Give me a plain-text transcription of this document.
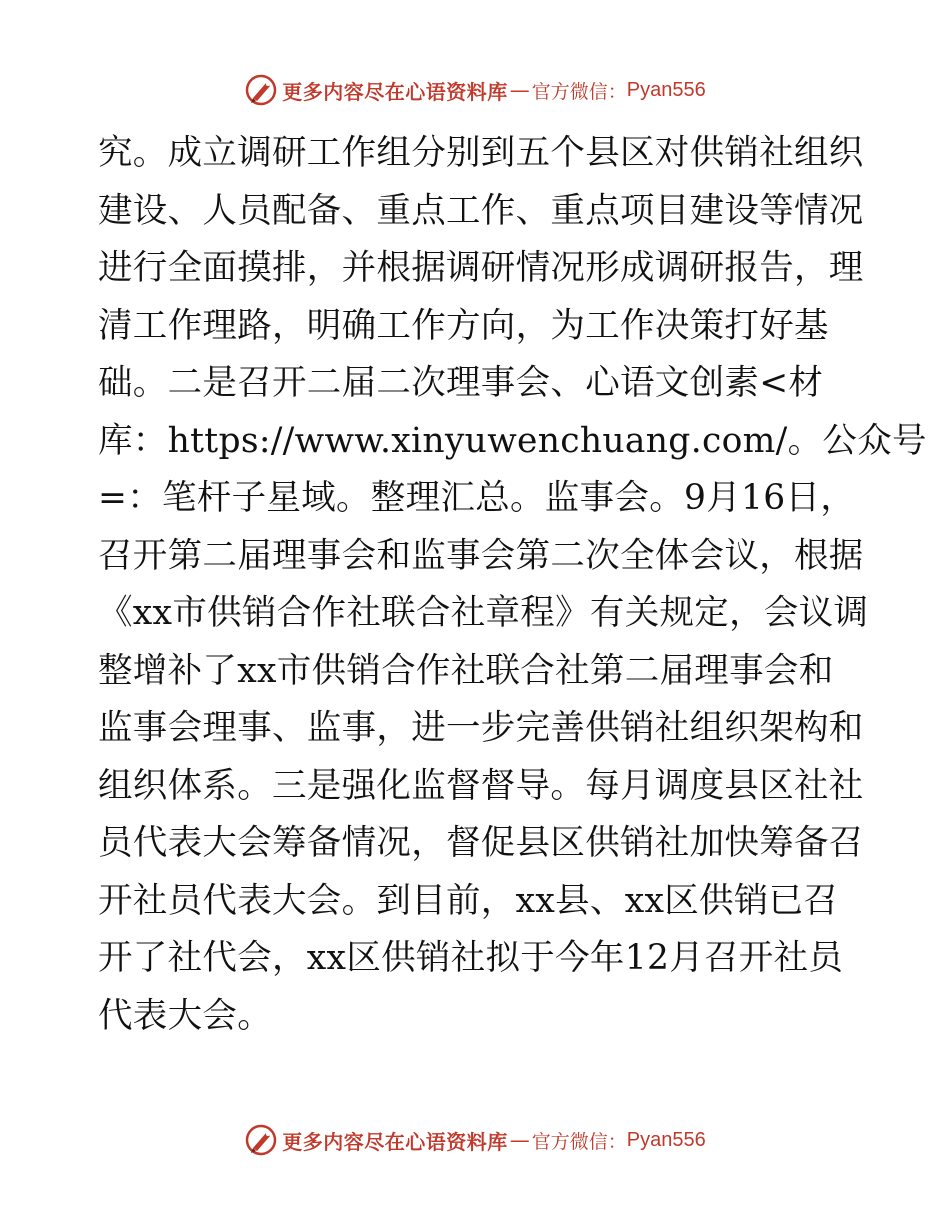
更多内容尽在心语资料库 — 官方微信： Pyan556
究。成立调研工作组分别到五个县区对供销社组织
建设、人员配备、重点工作、重点项目建设等情况
进行全面摸排，并根据调研情况形成调研报告，理
清工作理路，明确工作方向，为工作决策打好基
础。二是召开二届二次理事会、心语文创素<材
库：https://www.xinyuwenchuang.com/。公众号
=：笔杆子星域。整理汇总。监事会。9月16日，
召开第二届理事会和监事会第二次全体会议，根据
《xx市供销合作社联合社章程》有关规定，会议调
整增补了xx市供销合作社联合社第二届理事会和
监事会理事、监事，进一步完善供销社组织架构和
组织体系。三是强化监督督导。每月调度县区社社
员代表大会筹备情况，督促县区供销社加快筹备召
开社员代表大会。到目前，xx县、xx区供销已召
开了社代会，xx区供销社拟于今年12月召开社员
代表大会。
更多内容尽在心语资料库 — 官方微信： Pyan556
